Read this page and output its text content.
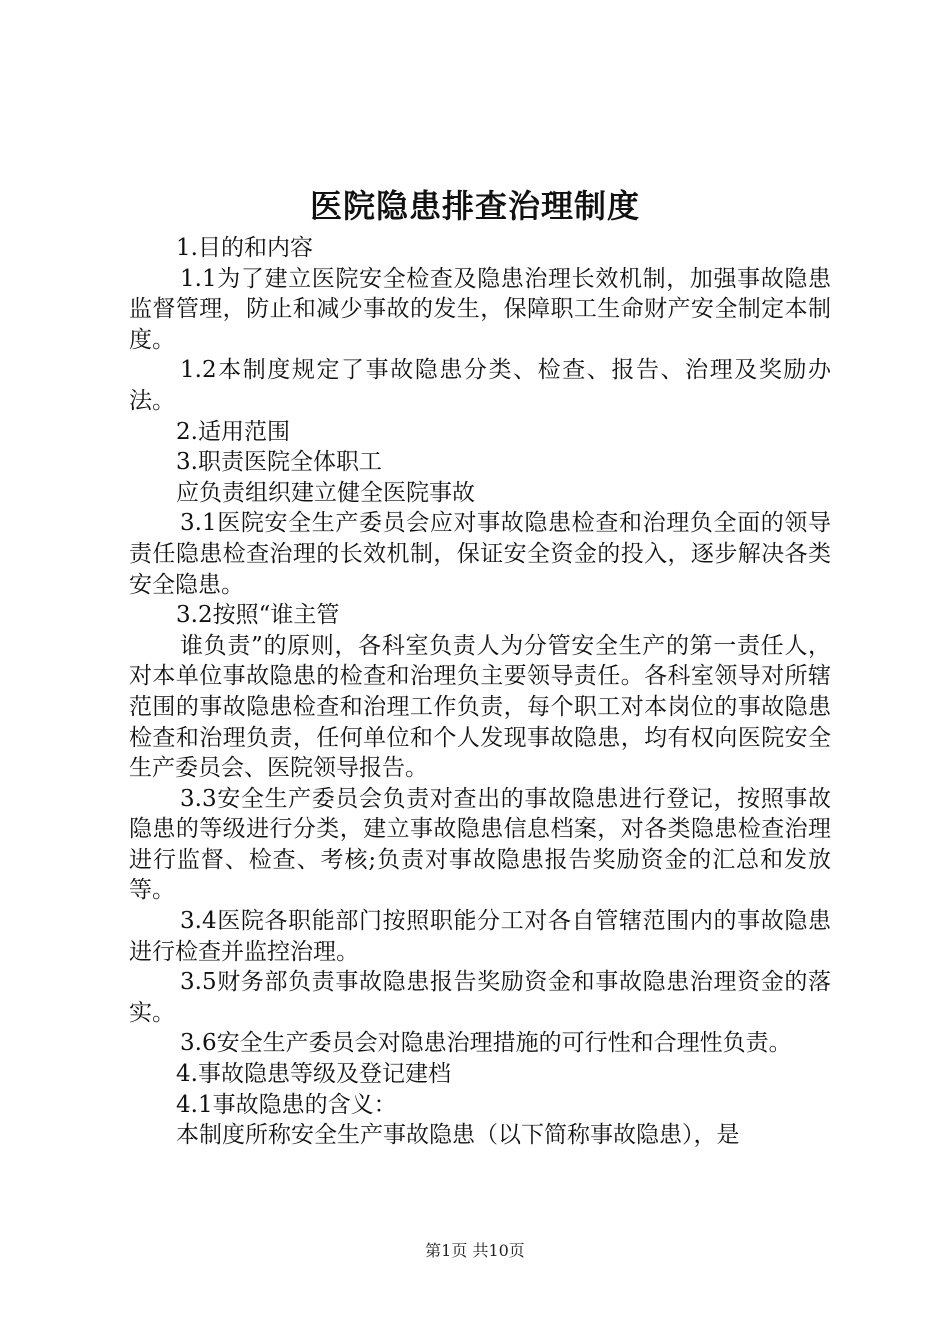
医院隐患排查治理制度

1.目的和内容

1.1为了建立医院安全检查及隐患治理长效机制，加强事故隐患监督管理，防止和减少事故的发生，保障职工生命财产安全制定本制度。

1.2本制度规定了事故隐患分类、检查、报告、治理及奖励办法。

2.适用范围

3.职责医院全体职工

应负责组织建立健全医院事故

3.1医院安全生产委员会应对事故隐患检查和治理负全面的领导责任隐患检查治理的长效机制，保证安全资金的投入，逐步解决各类安全隐患。

3.2按照“谁主管

谁负责”的原则，各科室负责人为分管安全生产的第一责任人，对本单位事故隐患的检查和治理负主要领导责任。各科室领导对所辖范围的事故隐患检查和治理工作负责，每个职工对本岗位的事故隐患检查和治理负责，任何单位和个人发现事故隐患，均有权向医院安全生产委员会、医院领导报告。

3.3安全生产委员会负责对查出的事故隐患进行登记，按照事故隐患的等级进行分类，建立事故隐患信息档案，对各类隐患检查治理进行监督、检查、考核;负责对事故隐患报告奖励资金的汇总和发放等。

3.4医院各职能部门按照职能分工对各自管辖范围内的事故隐患进行检查并监控治理。

3.5财务部负责事故隐患报告奖励资金和事故隐患治理资金的落实。

3.6安全生产委员会对隐患治理措施的可行性和合理性负责。

4.事故隐患等级及登记建档

4.1事故隐患的含义：

本制度所称安全生产事故隐患（以下简称事故隐患），是

第1页 共10页
